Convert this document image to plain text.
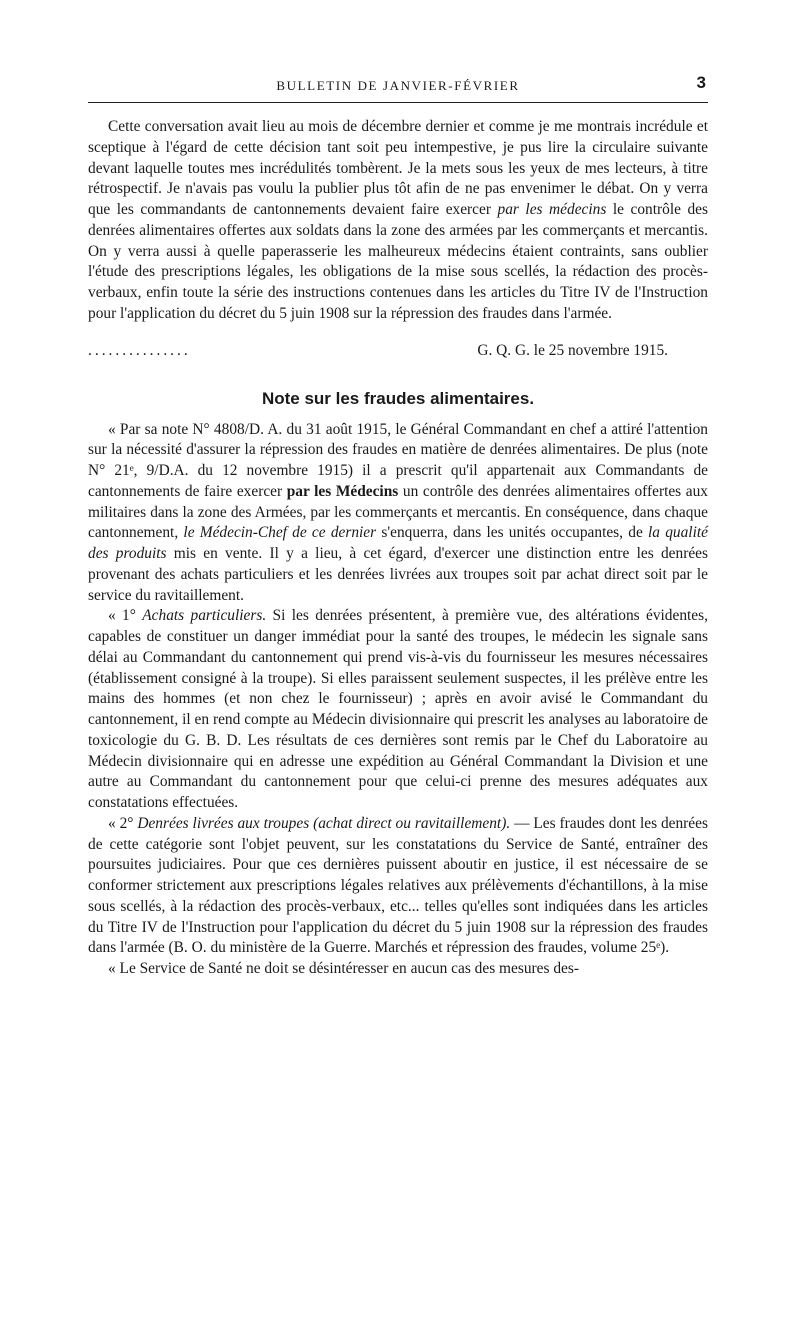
BULLETIN DE JANVIER-FÉVRIER	3

Cette conversation avait lieu au mois de décembre dernier et comme je me montrais incrédule et sceptique à l'égard de cette décision tant soit peu intempestive, je pus lire la circulaire suivante devant laquelle toutes mes incrédulités tombèrent. Je la mets sous les yeux de mes lecteurs, à titre rétrospectif. Je n'avais pas voulu la publier plus tôt afin de ne pas envenimer le débat. On y verra que les commandants de cantonnements devaient faire exercer par les médecins le contrôle des denrées alimentaires offertes aux soldats dans la zone des armées par les commerçants et mercantis. On y verra aussi à quelle paperasserie les malheureux médecins étaient contraints, sans oublier l'étude des prescriptions légales, les obligations de la mise sous scellés, la rédaction des procès-verbaux, enfin toute la série des instructions contenues dans les articles du Titre IV de l'Instruction pour l'application du décret du 5 juin 1908 sur la répression des fraudes dans l'armée.

...............	G. Q. G. le 25 novembre 1915.
Note sur les fraudes alimentaires.

« Par sa note N° 4808/D. A. du 31 août 1915, le Général Commandant en chef a attiré l'attention sur la nécessité d'assurer la répression des fraudes en matière de denrées alimentaires. De plus (note N° 21ᵉ, 9/D.A. du 12 novembre 1915) il a prescrit qu'il appartenait aux Commandants de cantonnements de faire exercer par les Médecins un contrôle des denrées alimentaires offertes aux militaires dans la zone des Armées, par les commerçants et mercantis. En conséquence, dans chaque cantonnement, le Médecin-Chef de ce dernier s'enquerra, dans les unités occupantes, de la qualité des produits mis en vente. Il y a lieu, à cet égard, d'exercer une distinction entre les denrées provenant des achats particuliers et les denrées livrées aux troupes soit par achat direct soit par le service du ravitaillement.

« 1° Achats particuliers. Si les denrées présentent, à première vue, des altérations évidentes, capables de constituer un danger immédiat pour la santé des troupes, le médecin les signale sans délai au Commandant du cantonnement qui prend vis-à-vis du fournisseur les mesures nécessaires (établissement consigné à la troupe). Si elles paraissent seulement suspectes, il les prélève entre les mains des hommes (et non chez le fournisseur) ; après en avoir avisé le Commandant du cantonnement, il en rend compte au Médecin divisionnaire qui prescrit les analyses au laboratoire de toxicologie du G. B. D. Les résultats de ces dernières sont remis par le Chef du Laboratoire au Médecin divisionnaire qui en adresse une expédition au Général Commandant la Division et une autre au Commandant du cantonnement pour que celui-ci prenne des mesures adéquates aux constatations effectuées.

« 2° Denrées livrées aux troupes (achat direct ou ravitaillement). — Les fraudes dont les denrées de cette catégorie sont l'objet peuvent, sur les constatations du Service de Santé, entraîner des poursuites judiciaires. Pour que ces dernières puissent aboutir en justice, il est nécessaire de se conformer strictement aux prescriptions légales relatives aux prélèvements d'échantillons, à la mise sous scellés, à la rédaction des procès-verbaux, etc... telles qu'elles sont indiquées dans les articles du Titre IV de l'Instruction pour l'application du décret du 5 juin 1908 sur la répression des fraudes dans l'armée (B. O. du ministère de la Guerre. Marchés et répression des fraudes, volume 25ᵉ).

« Le Service de Santé ne doit se désintéresser en aucun cas des mesures des-
